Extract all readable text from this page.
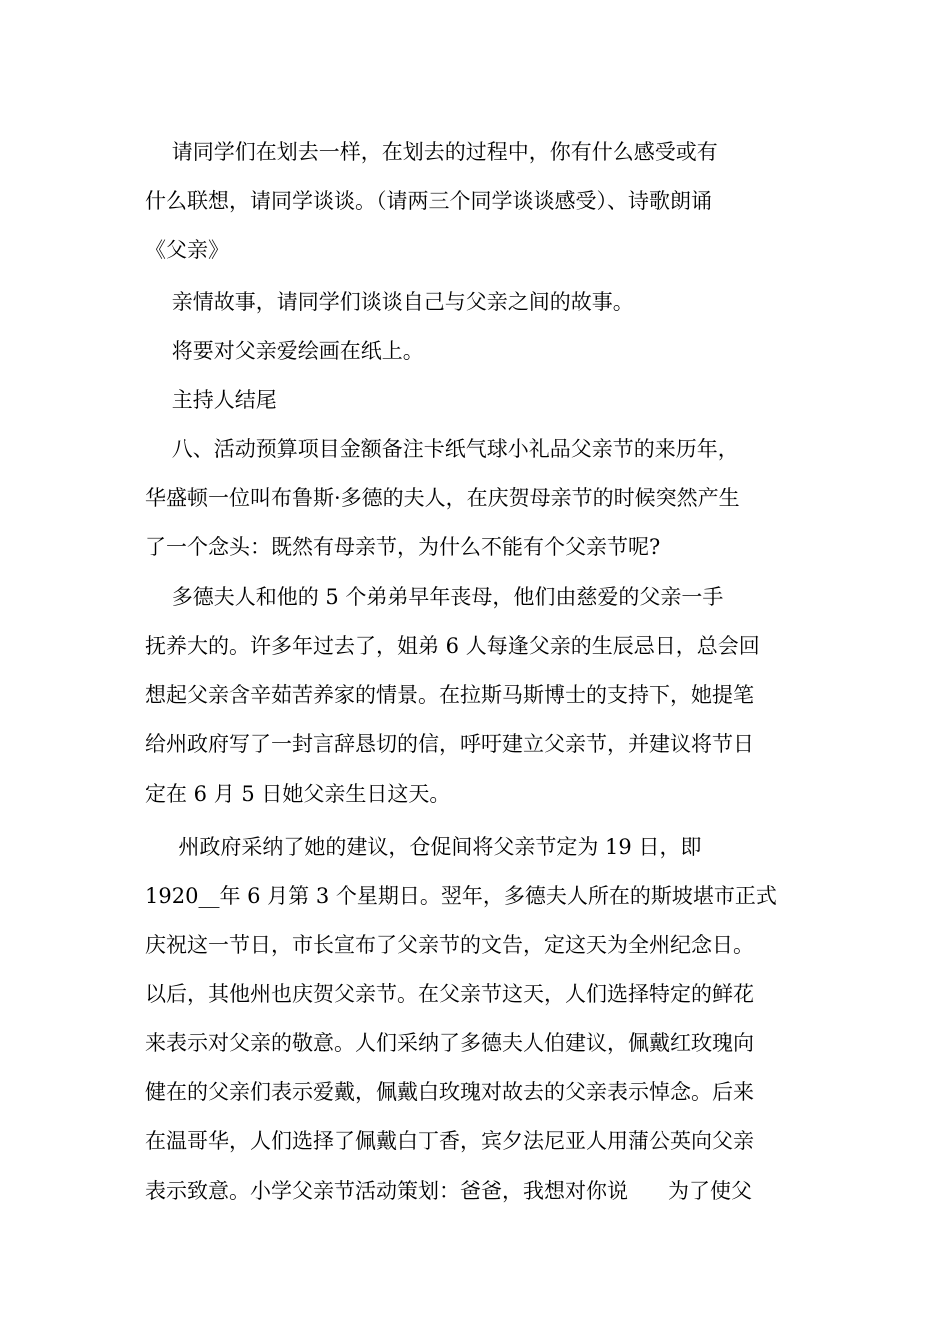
请同学们在划去一样，在划去的过程中，你有什么感受或有
什么联想，请同学谈谈。（请两三个同学谈谈感受）、诗歌朗诵
《父亲》
亲情故事，请同学们谈谈自己与父亲之间的故事。
将要对父亲爱绘画在纸上。
主持人结尾
八、活动预算项目金额备注卡纸气球小礼品父亲节的来历年，
华盛顿一位叫布鲁斯·多德的夫人，在庆贺母亲节的时候突然产生
了一个念头：既然有母亲节，为什么不能有个父亲节呢?
多德夫人和他的 5 个弟弟早年丧母，他们由慈爱的父亲一手
抚养大的。许多年过去了，姐弟 6 人每逢父亲的生辰忌日，总会回
想起父亲含辛茹苦养家的情景。在拉斯马斯博士的支持下，她提笔
给州政府写了一封言辞恳切的信，呼吁建立父亲节，并建议将节日
定在 6 月 5 日她父亲生日这天。
州政府采纳了她的建议，仓促间将父亲节定为 19 日，即
1920__年 6 月第 3 个星期日。翌年，多德夫人所在的斯坡堪市正式
庆祝这一节日，市长宣布了父亲节的文告，定这天为全州纪念日。
以后，其他州也庆贺父亲节。在父亲节这天，人们选择特定的鲜花
来表示对父亲的敬意。人们采纳了多德夫人伯建议，佩戴红玫瑰向
健在的父亲们表示爱戴，佩戴白玫瑰对故去的父亲表示悼念。后来
在温哥华，人们选择了佩戴白丁香，宾夕法尼亚人用蒲公英向父亲
表示致意。小学父亲节活动策划：爸爸，我想对你说      为了使父
